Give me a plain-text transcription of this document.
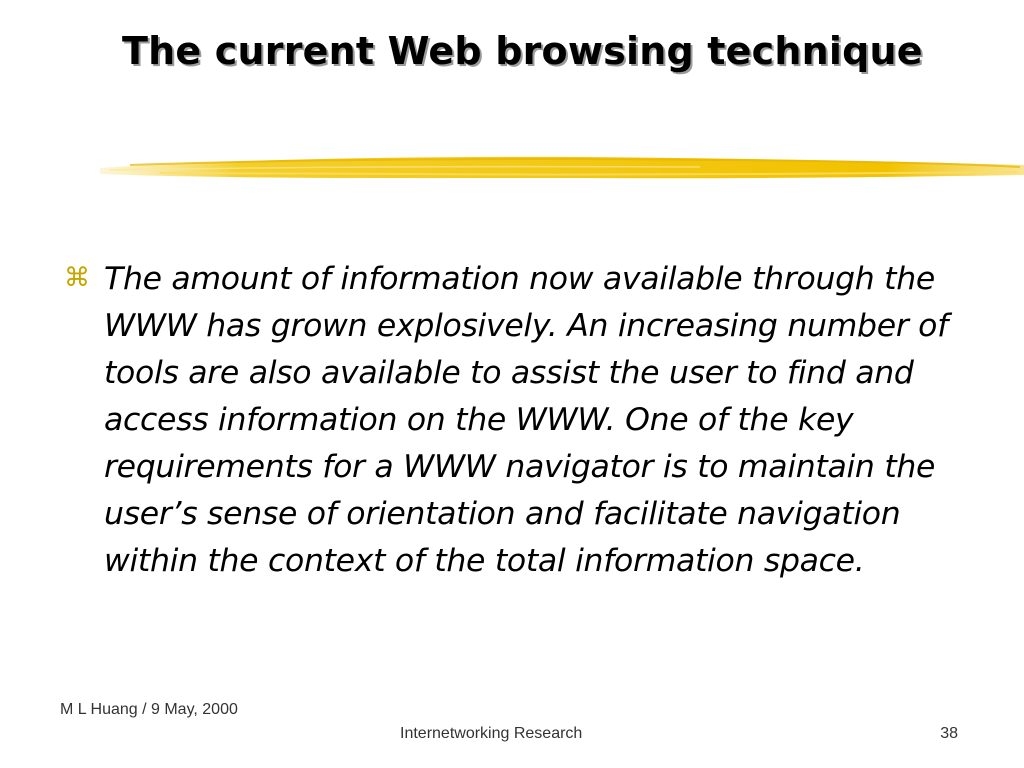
The current Web browsing technique
⌘ The amount of information now available through the WWW has grown explosively. An increasing number of tools are also available to assist the user to find and access information on the WWW. One of the key requirements for a WWW navigator is to maintain the user’s sense of orientation and facilitate navigation within the context of the total information space.
M L Huang / 9 May, 2000
Internetworking Research	38
